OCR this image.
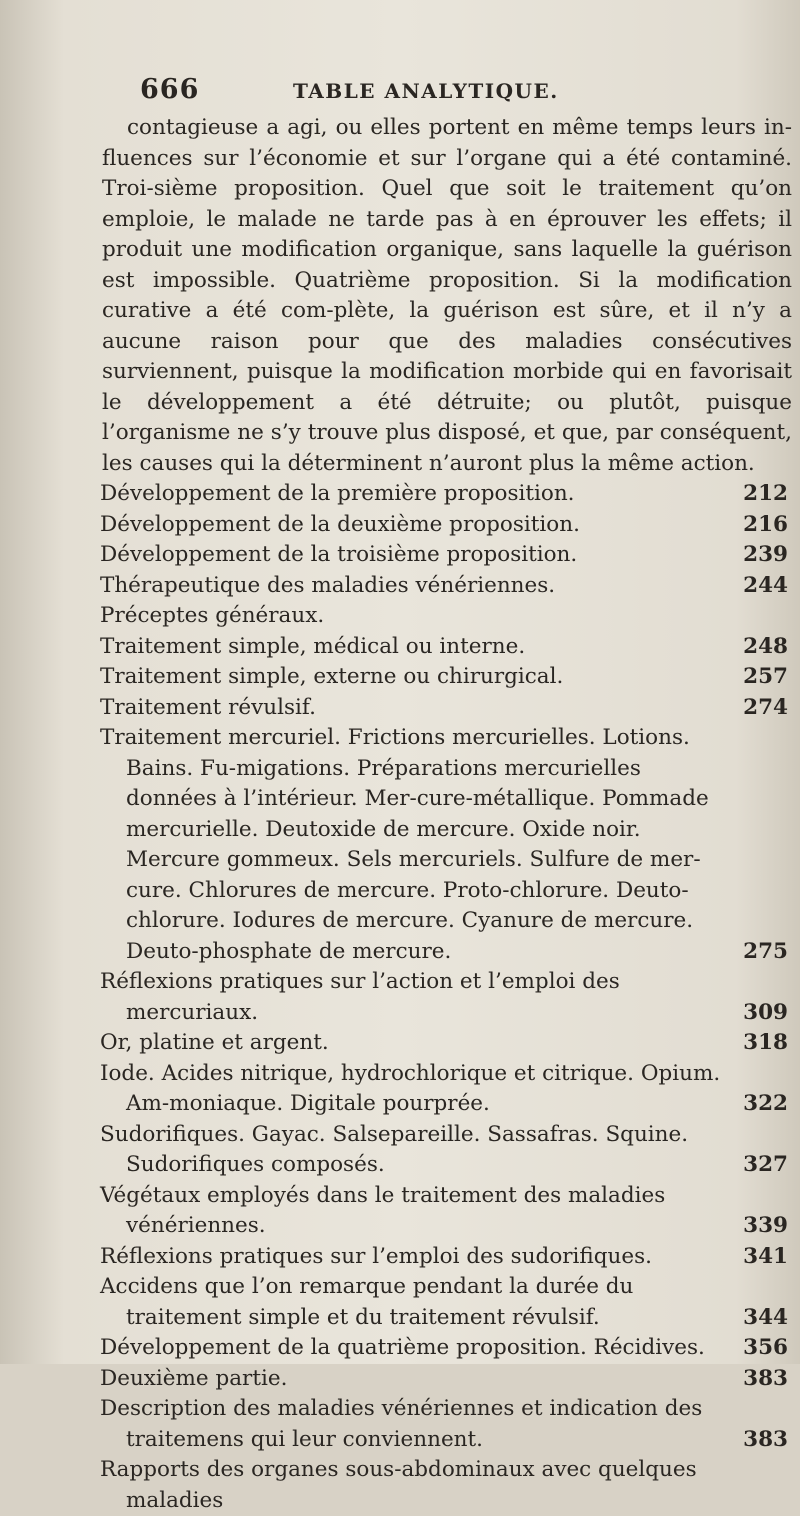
666	TABLE ANALYTIQUE.

contagieuse a agi, ou elles portent en même temps leurs in-fluences sur l’économie et sur l’organe qui a été contaminé. Troi-sième proposition. Quel que soit le traitement qu’on emploie, le malade ne tarde pas à en éprouver les effets; il produit une modification organique, sans laquelle la guérison est impossible. Quatrième proposition. Si la modification curative a été com-plète, la guérison est sûre, et il n’y a aucune raison pour que des maladies consécutives surviennent, puisque la modification morbide qui en favorisait le développement a été détruite; ou plutôt, puisque l’organisme ne s’y trouve plus disposé, et que, par conséquent, les causes qui la déterminent n’auront plus la même action.

Développement de la première proposition.	212
Développement de la deuxième proposition.	216
Développement de la troisième proposition.	239
Thérapeutique des maladies vénériennes.	244
Préceptes généraux.
Traitement simple, médical ou interne.	248
Traitement simple, externe ou chirurgical.	257
Traitement révulsif.	274
Traitement mercuriel. Frictions mercurielles. Lotions. Bains. Fu-migations. Préparations mercurielles données à l’intérieur. Mer-cure-métallique. Pommade mercurielle. Deutoxide de mercure. Oxide noir. Mercure gommeux. Sels mercuriels. Sulfure de mer-cure. Chlorures de mercure. Proto-chlorure. Deuto-chlorure. Iodures de mercure. Cyanure de mercure. Deuto-phosphate de mercure.	275
Réflexions pratiques sur l’action et l’emploi des mercuriaux.	309
Or, platine et argent.	318
Iode. Acides nitrique, hydrochlorique et citrique. Opium. Am-moniaque. Digitale pourprée.	322
Sudorifiques. Gayac. Salsepareille. Sassafras. Squine. Sudorifiques composés.	327
Végétaux employés dans le traitement des maladies vénériennes.	339
Réflexions pratiques sur l’emploi des sudorifiques.	341
Accidens que l’on remarque pendant la durée du traitement simple et du traitement révulsif.	344
Développement de la quatrième proposition. Récidives.	356
Deuxième partie.	383
Description des maladies vénériennes et indication des traitemens qui leur conviennent.	383
Rapports des organes sous-abdominaux avec quelques maladies
